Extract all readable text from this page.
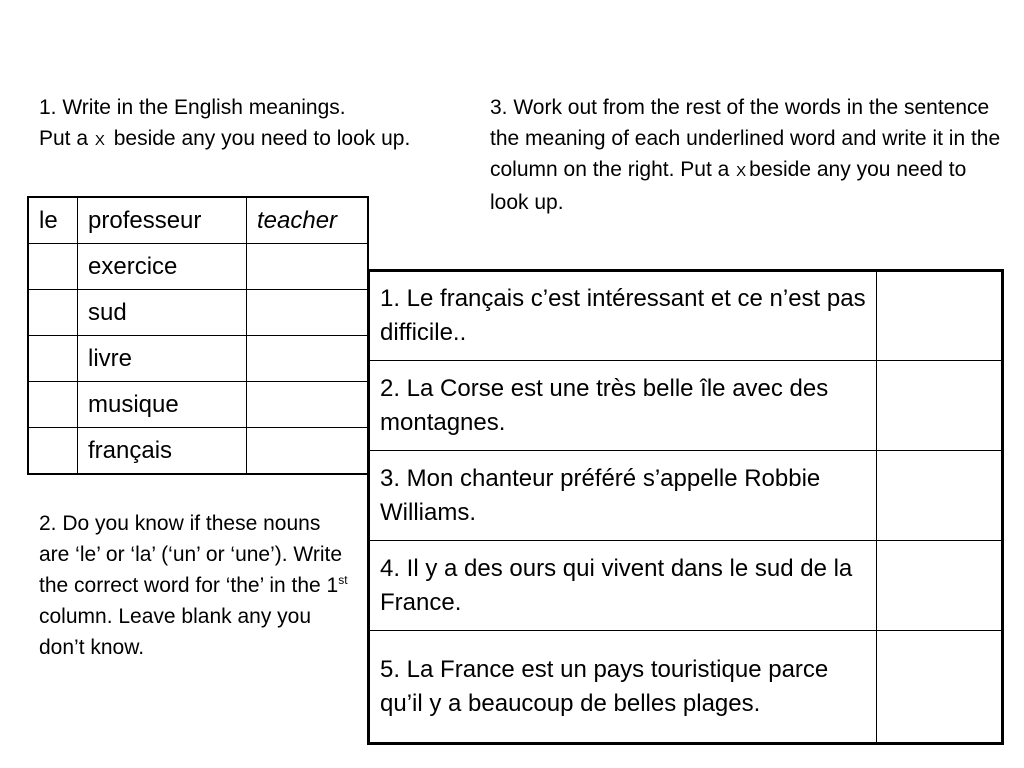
1. Write in the English meanings.
Put a X beside any you need to look up.

3. Work out from the rest of the words in the sentence the meaning of each underlined word and write it in the column on the right. Put a X beside any you need to look up.

le	professeur	teacher
	exercice	
	sud	
	livre	
	musique	
	français	

2. Do you know if these nouns are ‘le’ or ‘la’ (‘un’ or ‘une’). Write the correct word for ‘the’ in the 1st column. Leave blank any you don’t know.

1. Le français c’est intéressant et ce n’est pas difficile..	
2. La Corse est une très belle île avec des montagnes.	
3. Mon chanteur préféré s’appelle Robbie Williams.	
4. Il y a des ours qui vivent dans le sud de la France.	
5. La France est un pays touristique parce qu’il y a beaucoup de belles plages.	
